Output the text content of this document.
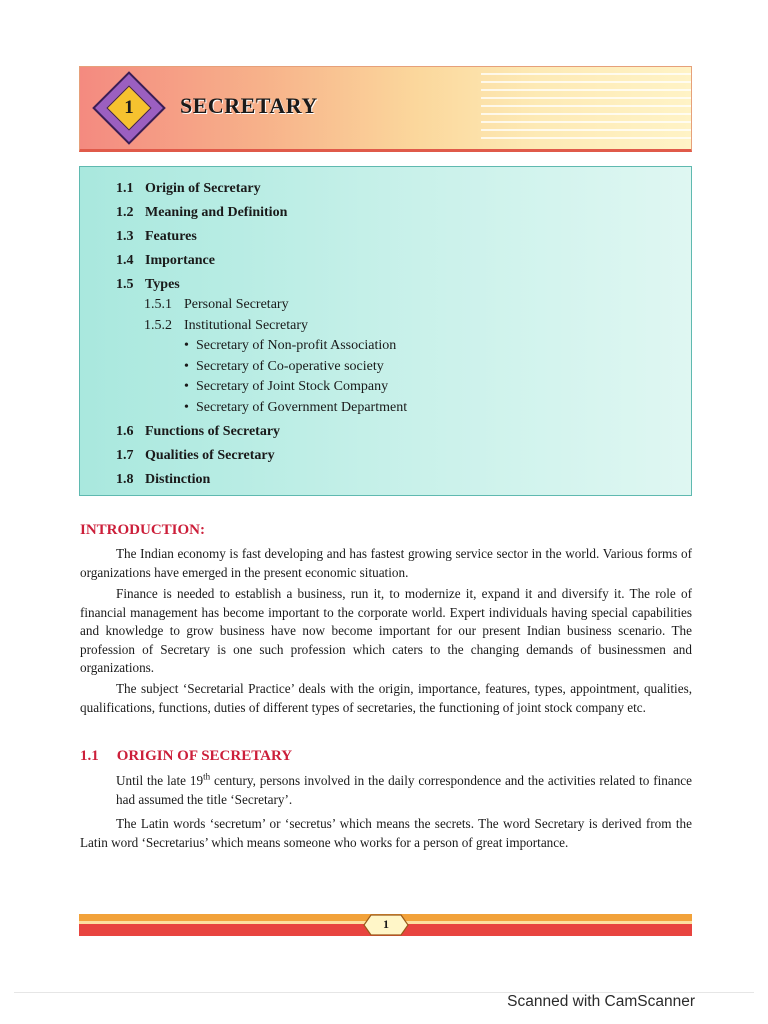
1	SECRETARY
1.1 Origin of Secretary
1.2 Meaning and Definition
1.3 Features
1.4 Importance
1.5 Types
1.5.1 Personal Secretary
1.5.2 Institutional Secretary
• Secretary of Non-profit Association
• Secretary of Co-operative society
• Secretary of Joint Stock Company
• Secretary of Government Department
1.6 Functions of Secretary
1.7 Qualities of Secretary
1.8 Distinction
INTRODUCTION:

The Indian economy is fast developing and has fastest growing service sector in the world. Various forms of organizations have emerged in the present economic situation.

Finance is needed to establish a business, run it, to modernize it, expand it and diversify it. The role of financial management has become important to the corporate world. Expert individuals having special capabilities and knowledge to grow business have now become important for our present Indian business scenario. The profession of Secretary is one such profession which caters to the changing demands of businessmen and organizations.

The subject ‘Secretarial Practice’ deals with the origin, importance, features, types, appointment, qualities, qualifications, functions, duties of different types of secretaries, the functioning of joint stock company etc.

1.1 ORIGIN OF SECRETARY

Until the late 19th century, persons involved in the daily correspondence and the activities related to finance had assumed the title ‘Secretary’.

The Latin words ‘secretum’ or ‘secretus’ which means the secrets. The word Secretary is derived from the Latin word ‘Secretarius’ which means someone who works for a person of great importance.

1
Scanned with CamScanner
